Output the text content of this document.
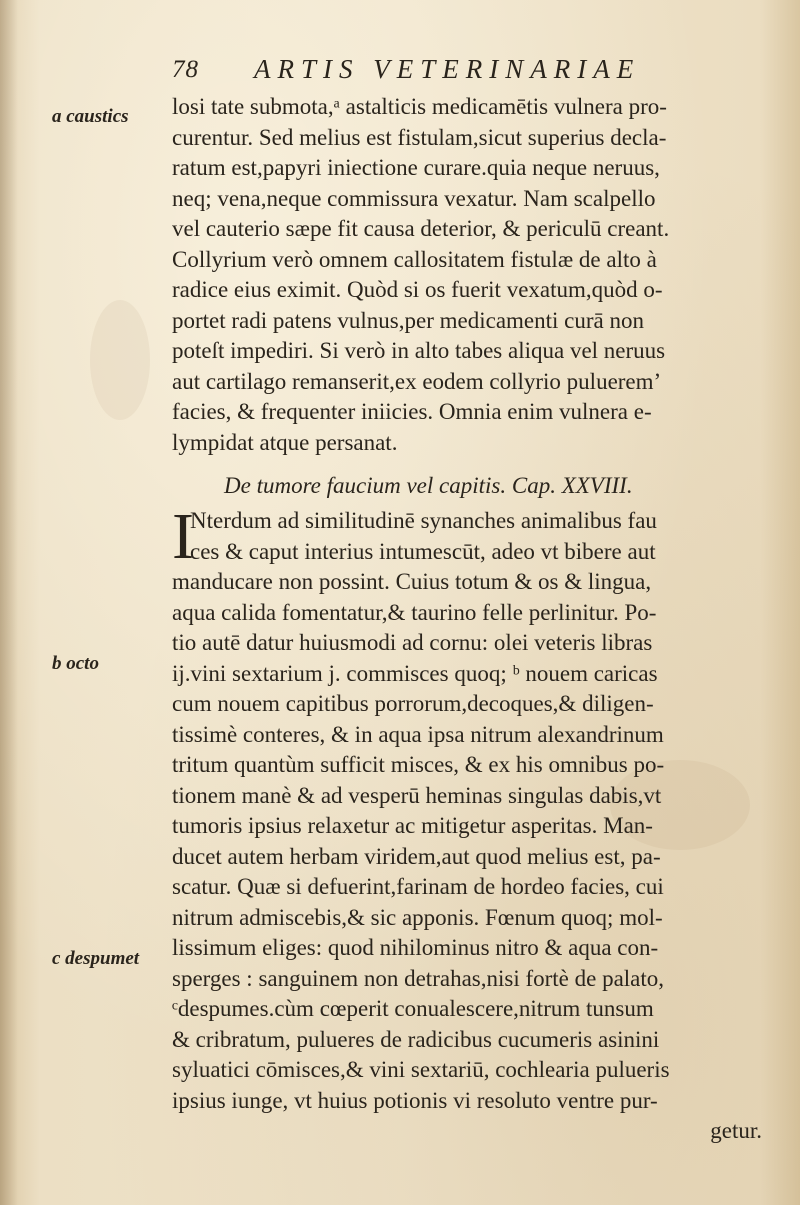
78 ARTIS VETERINARIAE
a caustics
b octo
c despumet
losi tate submota,ᵃ astalticis medicamētis vulnera pro-
curentur. Sed melius est fistulam,sicut superius decla-
ratum est,papyri iniectione curare.quia neque neruus,
neq; vena,neque commissura vexatur. Nam scalpello
vel cauterio sæpe fit causa deterior, & periculū creant.
Collyrium verò omnem callositatem fistulæ de alto à
radice eius eximit. Quòd si os fuerit vexatum,quòd o-
portet radi patens vulnus,per medicamenti curā non
poteſt impediri. Si verò in alto tabes aliqua vel neruus
aut cartilago remanserit,ex eodem collyrio pulueremʼ
facies, & frequenter iniicies. Omnia enim vulnera e-
lympidat atque persanat.
De tumore faucium vel capitis. Cap. XXVIII.
I
Nterdum ad similitudinē synanches animalibus fau
ces & caput interius intumescūt, adeo vt bibere aut
manducare non possint. Cuius totum & os & lingua,
aqua calida fomentatur,& taurino felle perlinitur. Po-
tio autē datur huiusmodi ad cornu: olei veteris libras
ij.vini sextarium j. commisces quoq; ᵇ nouem caricas
cum nouem capitibus porrorum,decoques,& diligen-
tissimè conteres, & in aqua ipsa nitrum alexandrinum
tritum quantùm sufficit misces, & ex his omnibus po-
tionem manè & ad vesperū heminas singulas dabis,vt
tumoris ipsius relaxetur ac mitigetur asperitas. Man-
ducet autem herbam viridem,aut quod melius est, pa-
scatur. Quæ si defuerint,farinam de hordeo facies, cui
nitrum admiscebis,& sic apponis. Fœnum quoq; mol-
lissimum eliges: quod nihilominus nitro & aqua con-
sperges : sanguinem non detrahas,nisi fortè de palato,
ᶜdespumes.cùm cœperit conualescere,nitrum tunsum
& cribratum, pulueres de radicibus cucumeris asinini
syluatici cōmisces,& vini sextariū, cochlearia pulueris
ipsius iunge, vt huius potionis vi resoluto ventre pur-
getur.
